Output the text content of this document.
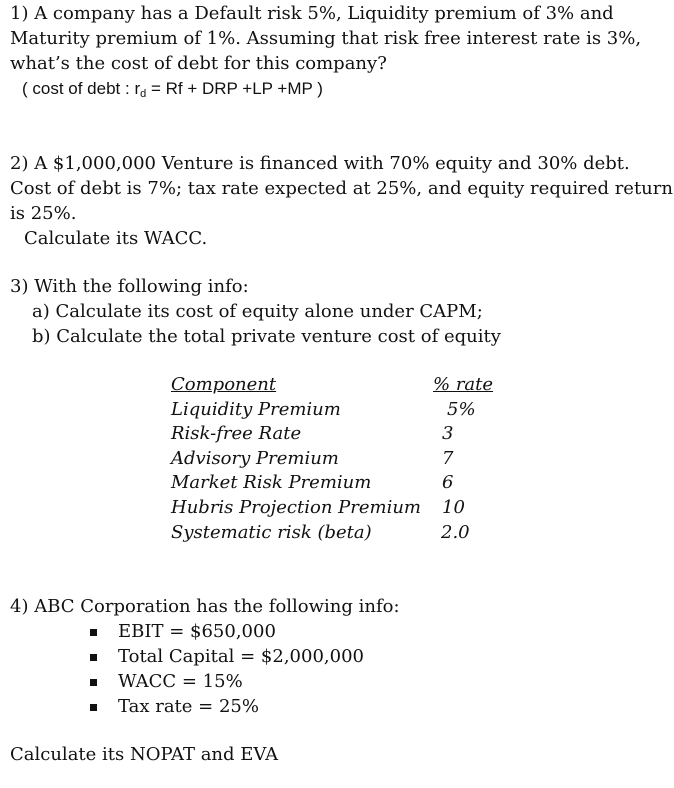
1) A company has a Default risk 5%, Liquidity premium of 3% and
Maturity premium of 1%. Assuming that risk free interest rate is 3%,
what’s the cost of debt for this company?
( cost of debt : $r_d = Rf$ + DRP +LP +MP )
2) A $1,000,000 Venture is financed with 70% equity and 30% debt.
Cost of debt is 7%; tax rate expected at 25%, and equity required return
is 25%.
Calculate its WACC.
3) With the following info:
a) Calculate its cost of equity alone under CAPM;
b) Calculate the total private venture cost of equity
Component	% rate
Liquidity Premium	5%
Risk-free Rate	3
Advisory Premium	7
Market Risk Premium	6
Hubris Projection Premium 10
Systematic risk (beta)	2.0
4) ABC Corporation has the following info:
EBIT = $650,000
Total Capital = $2,000,000
WACC = 15%
Tax rate = 25%
Calculate its NOPAT and EVA
